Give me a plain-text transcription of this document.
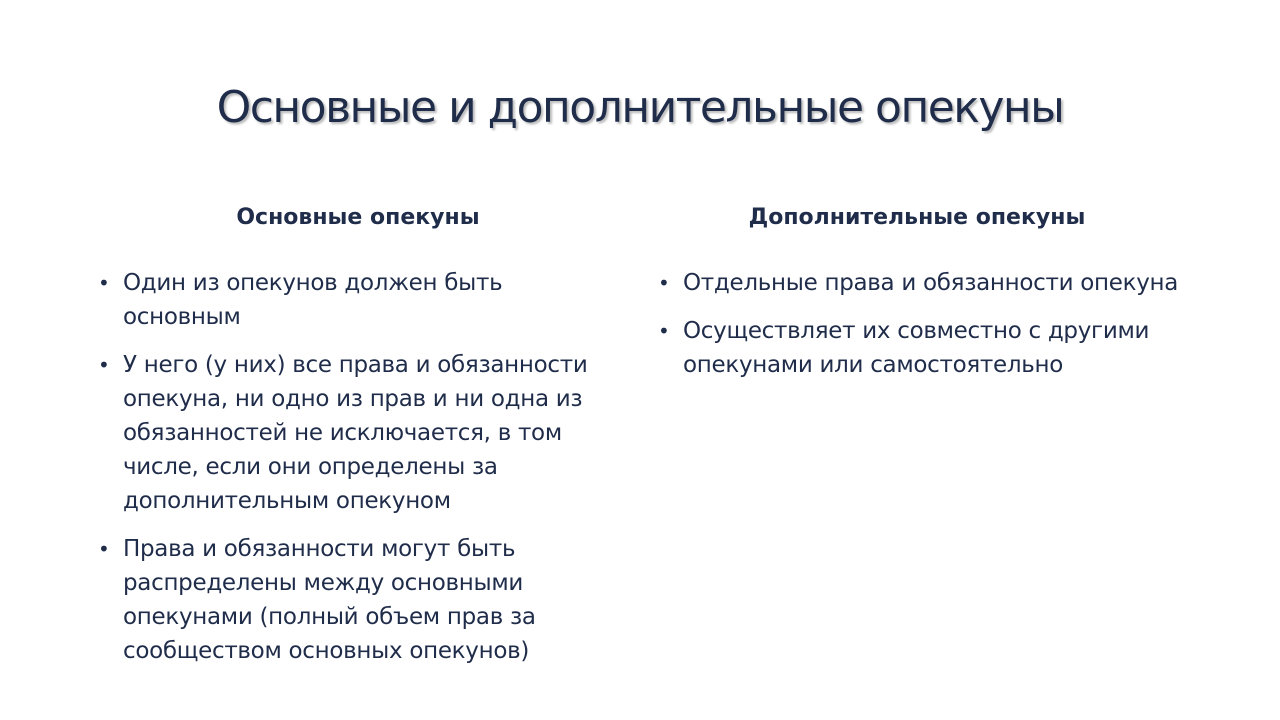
Основные и дополнительные опекуны
Основные опекуны
• Один из опекунов должен быть основным
• У него (у них) все права и обязанности опекуна, ни одно из прав и ни одна из обязанностей не исключается, в том числе, если они определены за дополнительным опекуном
• Права и обязанности могут быть распределены между основными опекунами (полный объем прав за сообществом основных опекунов)
Дополнительные опекуны
• Отдельные права и обязанности опекуна
• Осуществляет их совместно с другими опекунами или самостоятельно
